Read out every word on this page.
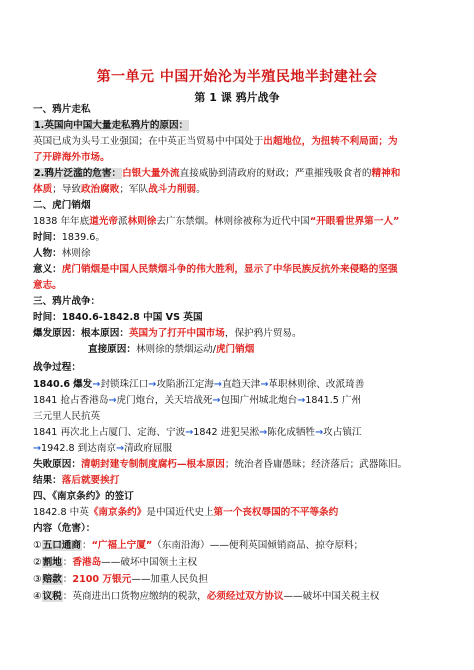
第一单元 中国开始沦为半殖民地半封建社会
第 1 课 鸦片战争
一、鸦片走私
1.英国向中国大量走私鸦片的原因：
英国已成为头号工业强国；在中英正当贸易中中国处于出超地位，为扭转不利局面；为
了开辟海外市场。
2.鸦片泛滥的危害：白银大量外流直接威胁到清政府的财政；严重摧残吸食者的精神和
体质；导致政治腐败；军队战斗力削弱。
二、虎门销烟
1838 年年底道光帝派林则徐去广东禁烟。林则徐被称为近代中国“开眼看世界第一人”
时间：1839.6。
人物：林则徐
意义：虎门销烟是中国人民禁烟斗争的伟大胜利，显示了中华民族反抗外来侵略的坚强
意志。
三、鸦片战争：
时间：1840.6-1842.8 中国 VS 英国
爆发原因：根本原因：英国为了打开中国市场，保护鸦片贸易。
直接原因：林则徐的禁烟运动/虎门销烟
战争过程：
1840.6 爆发→封锁珠江口→攻陷浙江定海→直趋天津→革职林则徐、改派琦善
1841 抢占香港岛→虎门炮台，关天培战死→包围广州城北炮台→1841.5 广州
三元里人民抗英
1841 再次北上占厦门、定海、宁波→1842 进犯吴淞→陈化成牺牲→攻占镇江
→1942.8 到达南京→清政府屈服
失败原因：清朝封建专制制度腐朽—根本原因；统治者昏庸愚昧；经济落后；武器陈旧。
结果：落后就要挨打
四、《南京条约》的签订
1842.8 中英《南京条约》是中国近代史上第一个丧权辱国的不平等条约
内容（危害）：
①五口通商：“广福上宁厦”（东南沿海）——便利英国倾销商品、掠夺原料；
②割地：香港岛——破坏中国领土主权
③赔款：2100 万银元——加重人民负担
④议税：英商进出口货物应缴纳的税款，必须经过双方协议——破坏中国关税主权
